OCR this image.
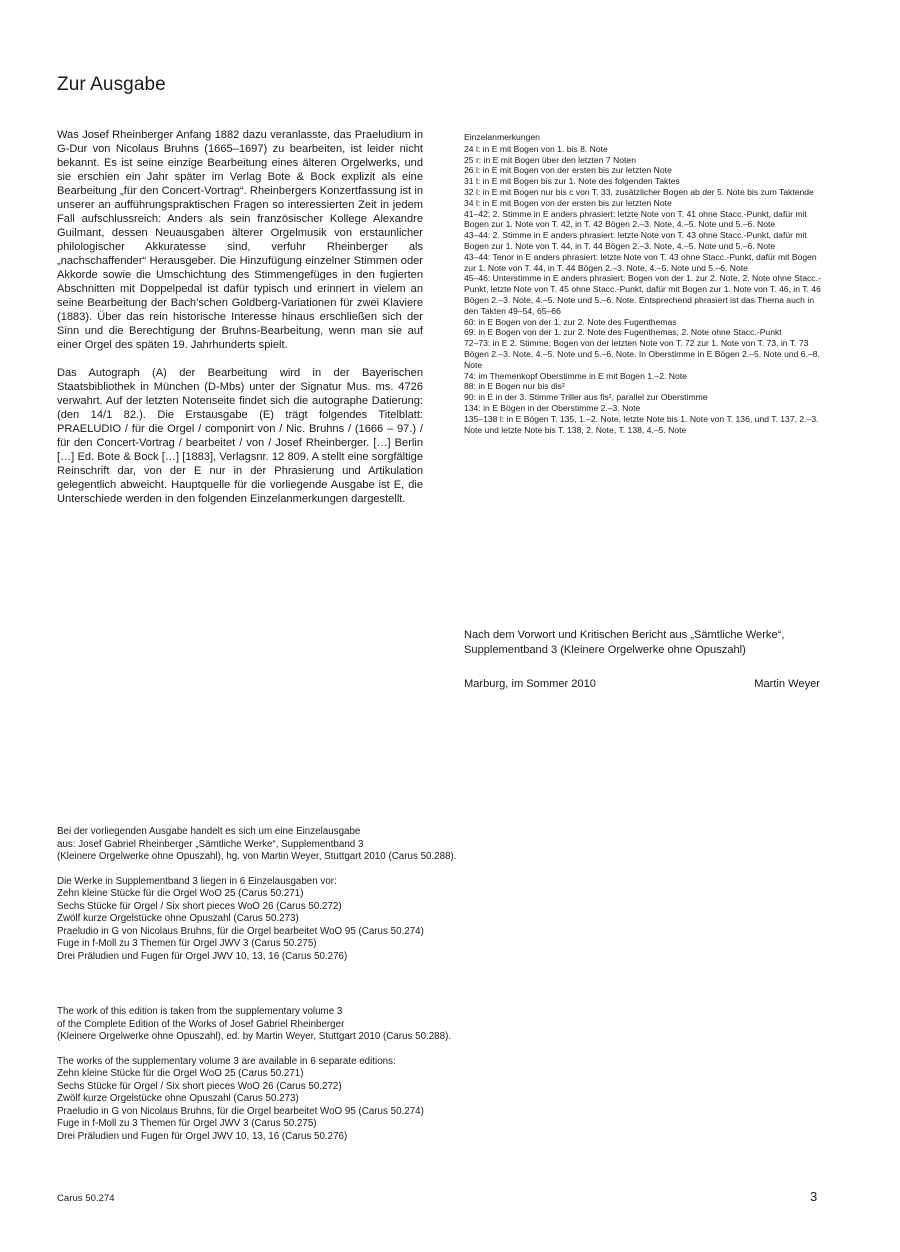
Zur Ausgabe

Was Josef Rheinberger Anfang 1882 dazu veranlasste, das Praeludium in G-Dur von Nicolaus Bruhns (1665–1697) zu bearbeiten, ist leider nicht bekannt. Es ist seine einzige Bearbeitung eines älteren Orgelwerks, und sie erschien ein Jahr später im Verlag Bote & Bock explizit als eine Bearbeitung „für den Concert-Vortrag“. Rheinbergers Konzertfassung ist in unserer an aufführungspraktischen Fragen so interessierten Zeit in jedem Fall aufschlussreich: Anders als sein französischer Kollege Alexandre Guilmant, dessen Neuausgaben älterer Orgelmusik von erstaunlicher philologischer Akkuratesse sind, verfuhr Rheinberger als „nachschaffender“ Herausgeber. Die Hinzufügung einzelner Stimmen oder Akkorde sowie die Umschichtung des Stimmengefüges in den fugierten Abschnitten mit Doppelpedal ist dafür typisch und erinnert in vielem an seine Bearbeitung der Bach’schen Goldberg-Variationen für zwei Klaviere (1883). Über das rein historische Interesse hinaus erschließen sich der Sinn und die Berechtigung der Bruhns-Bearbeitung, wenn man sie auf einer Orgel des späten 19. Jahrhunderts spielt.

Das Autograph (A) der Bearbeitung wird in der Bayerischen Staatsbibliothek in München (D-Mbs) unter der Signatur Mus. ms. 4726 verwahrt. Auf der letzten Notenseite findet sich die autographe Datierung: (den 14/1 82.). Die Erstausgabe (E) trägt folgendes Titelblatt: PRAELUDIO / für die Orgel / componirt von / Nic. Bruhns / (1666 – 97.) / für den Concert-Vortrag / bearbeitet / von / Josef Rheinberger. […] Berlin […] Ed. Bote & Bock […] [1883], Verlagsnr. 12 809. A stellt eine sorgfältige Reinschrift dar, von der E nur in der Phrasierung und Artikulation gelegentlich abweicht. Hauptquelle für die vorliegende Ausgabe ist E, die Unterschiede werden in den folgenden Einzelanmerkungen dargestellt.

Einzelanmerkungen

24 l: in E mit Bogen von 1. bis 8. Note

25 r: in E mit Bogen über den letzten 7 Noten

26 l: in E mit Bogen von der ersten bis zur letzten Note

31 l: in E mit Bogen bis zur 1. Note des folgenden Taktes

32 l: in E mit Bogen nur bis c von T. 33, zusätzlicher Bogen ab der 5. Note bis zum Taktende

34 l: in E mit Bogen von der ersten bis zur letzten Note

41–42: 2. Stimme in E anders phrasiert: letzte Note von T. 41 ohne Stacc.-Punkt, dafür mit Bogen zur 1. Note von T. 42, in T. 42 Bögen 2.–3. Note, 4.–5. Note und 5.–6. Note

43–44: 2. Stimme in E anders phrasiert: letzte Note von T. 43 ohne Stacc.-Punkt, dafür mit Bogen zur 1. Note von T. 44, in T. 44 Bögen 2.–3. Note, 4.–5. Note und 5.–6. Note

43–44: Tenor in E anders phrasiert: letzte Note von T. 43 ohne Stacc.-Punkt, dafür mit Bogen zur 1. Note von T. 44, in T. 44 Bögen 2.–3. Note, 4.–5. Note und 5.–6. Note

45–46: Unterstimme in E anders phrasiert: Bogen von der 1. zur 2. Note, 2. Note ohne Stacc.-Punkt, letzte Note von T. 45 ohne Stacc.-Punkt, dafür mit Bogen zur 1. Note von T. 46, in T. 46 Bögen 2.–3. Note, 4.–5. Note und 5.–6. Note. Entsprechend phrasiert ist das Thema auch in den Takten 49–54, 65–66

60: in E Bogen von der 1. zur 2. Note des Fugenthemas

69: in E Bogen von der 1. zur 2. Note des Fugenthemas, 2. Note ohne Stacc.-Punkt

72–73: in E 2. Stimme: Bogen von der letzten Note von T. 72 zur 1. Note von T. 73, in T. 73 Bögen 2.–3. Note, 4.–5. Note und 5.–6. Note. In Oberstimme in E Bögen 2.–5. Note und 6.–8. Note

74: im Themenkopf Oberstimme in E mit Bogen 1.–2. Note

88: in E Bogen nur bis dis²

90: in E in der 3. Stimme Triller aus fis², parallel zur Oberstimme

134: in E Bögen in der Oberstimme 2.–3. Note

135–138 l: in E Bögen T. 135, 1.–2. Note, letzte Note bis 1. Note von T. 136, und T. 137, 2.–3. Note und letzte Note bis T. 138, 2. Note, T. 138, 4.–5. Note

Nach dem Vorwort und Kritischen Bericht aus „Sämtliche Werke“, Supplementband 3 (Kleinere Orgelwerke ohne Opuszahl)
Marburg, im Sommer 2010	Martin Weyer

Bei der vorliegenden Ausgabe handelt es sich um eine Einzelausgabe

aus: Josef Gabriel Rheinberger „Sämtliche Werke“, Supplementband 3

(Kleinere Orgelwerke ohne Opuszahl), hg. von Martin Weyer, Stuttgart 2010 (Carus 50.288).

Die Werke in Supplementband 3 liegen in 6 Einzelausgaben vor:

Zehn kleine Stücke für die Orgel WoO 25 (Carus 50.271)

Sechs Stücke für Orgel / Six short pieces WoO 26 (Carus 50.272)

Zwölf kurze Orgelstücke ohne Opuszahl (Carus 50.273)

Praeludio in G von Nicolaus Bruhns, für die Orgel bearbeitet WoO 95 (Carus 50.274)

Fuge in f-Moll zu 3 Themen für Orgel JWV 3 (Carus 50.275)

Drei Präludien und Fugen für Orgel JWV 10, 13, 16 (Carus 50.276)

The work of this edition is taken from the supplementary volume 3

of the Complete Edition of the Works of Josef Gabriel Rheinberger

(Kleinere Orgelwerke ohne Opuszahl), ed. by Martin Weyer, Stuttgart 2010 (Carus 50.288).

The works of the supplementary volume 3 are available in 6 separate editions:

Zehn kleine Stücke für die Orgel WoO 25 (Carus 50.271)

Sechs Stücke für Orgel / Six short pieces WoO 26 (Carus 50.272)

Zwölf kurze Orgelstücke ohne Opuszahl (Carus 50.273)

Praeludio in G von Nicolaus Bruhns, für die Orgel bearbeitet WoO 95 (Carus 50.274)

Fuge in f-Moll zu 3 Themen für Orgel JWV 3 (Carus 50.275)

Drei Präludien und Fugen für Orgel JWV 10, 13, 16 (Carus 50.276)

Carus 50.274	3
